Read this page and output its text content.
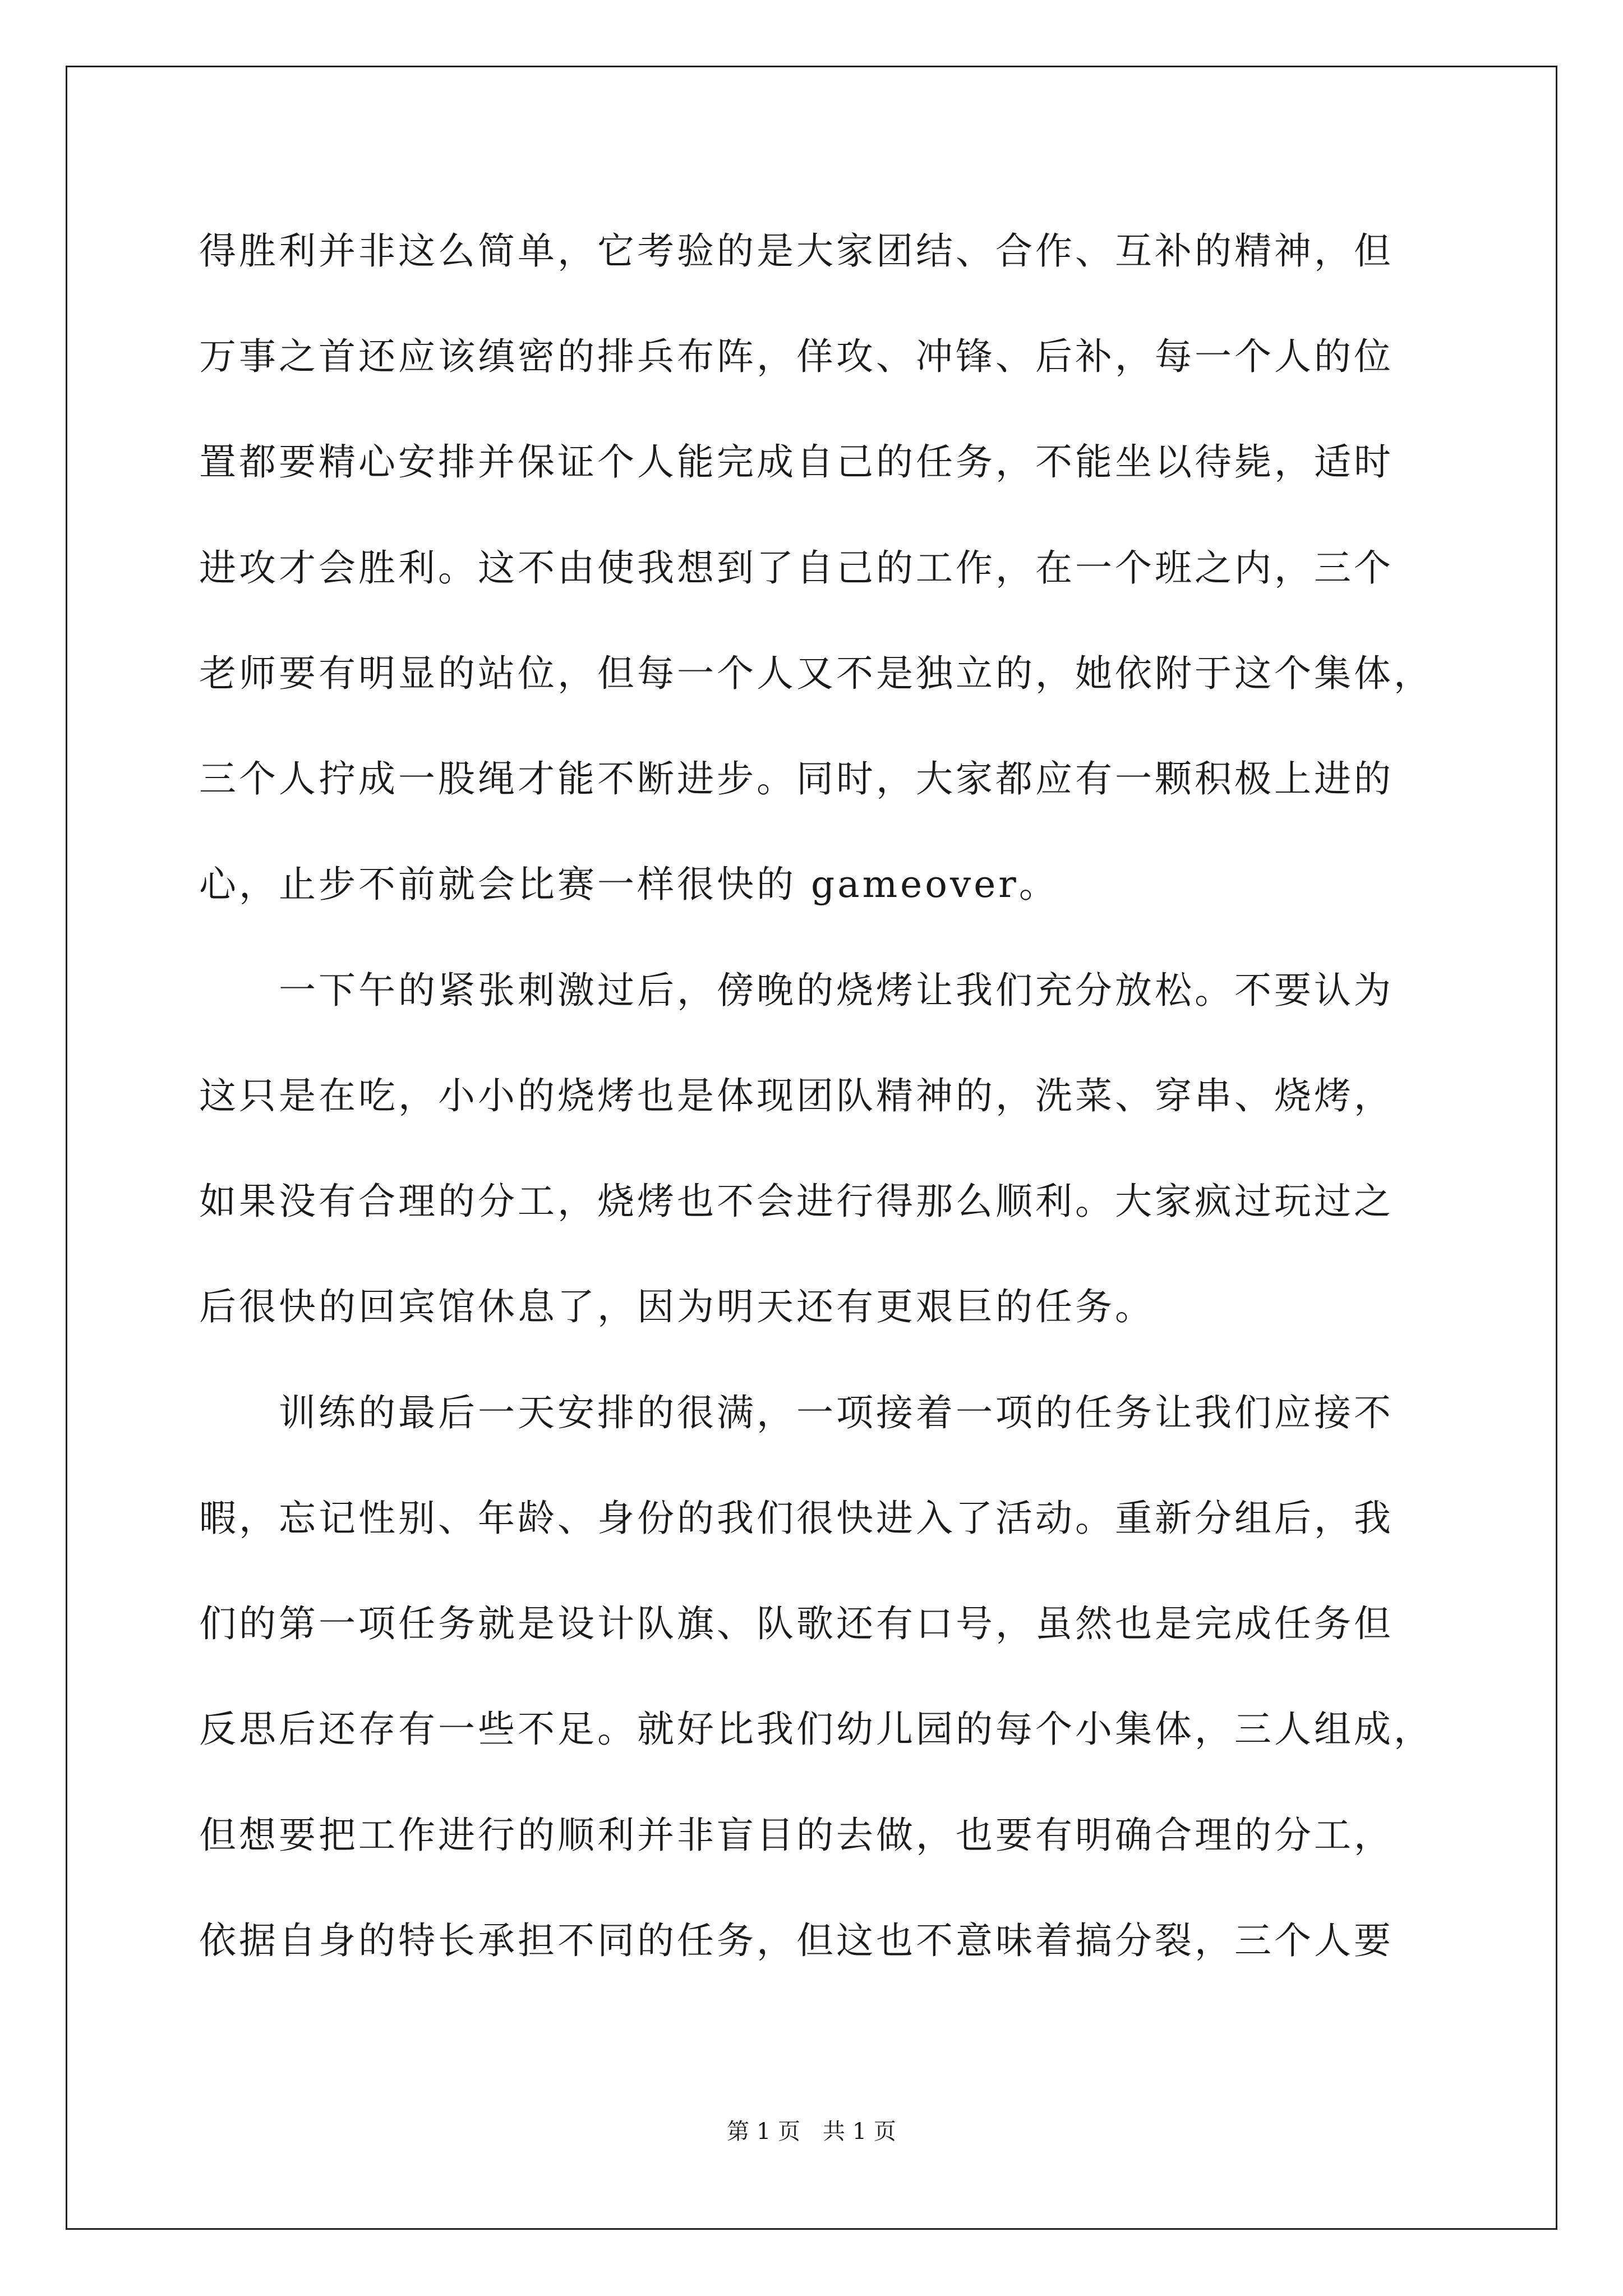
得胜利并非这么简单，它考验的是大家团结、合作、互补的精神，但
万事之首还应该缜密的排兵布阵，佯攻、冲锋、后补，每一个人的位
置都要精心安排并保证个人能完成自己的任务，不能坐以待毙，适时
进攻才会胜利。这不由使我想到了自己的工作，在一个班之内，三个
老师要有明显的站位，但每一个人又不是独立的，她依附于这个集体，
三个人拧成一股绳才能不断进步。同时，大家都应有一颗积极上进的
心，止步不前就会比赛一样很快的 gameover。
　　一下午的紧张刺激过后，傍晚的烧烤让我们充分放松。不要认为
这只是在吃，小小的烧烤也是体现团队精神的，洗菜、穿串、烧烤，
如果没有合理的分工，烧烤也不会进行得那么顺利。大家疯过玩过之
后很快的回宾馆休息了，因为明天还有更艰巨的任务。
　　训练的最后一天安排的很满，一项接着一项的任务让我们应接不
暇，忘记性别、年龄、身份的我们很快进入了活动。重新分组后，我
们的第一项任务就是设计队旗、队歌还有口号，虽然也是完成任务但
反思后还存有一些不足。就好比我们幼儿园的每个小集体，三人组成，
但想要把工作进行的顺利并非盲目的去做，也要有明确合理的分工，
依据自身的特长承担不同的任务，但这也不意味着搞分裂，三个人要
第 1 页　共 1 页
